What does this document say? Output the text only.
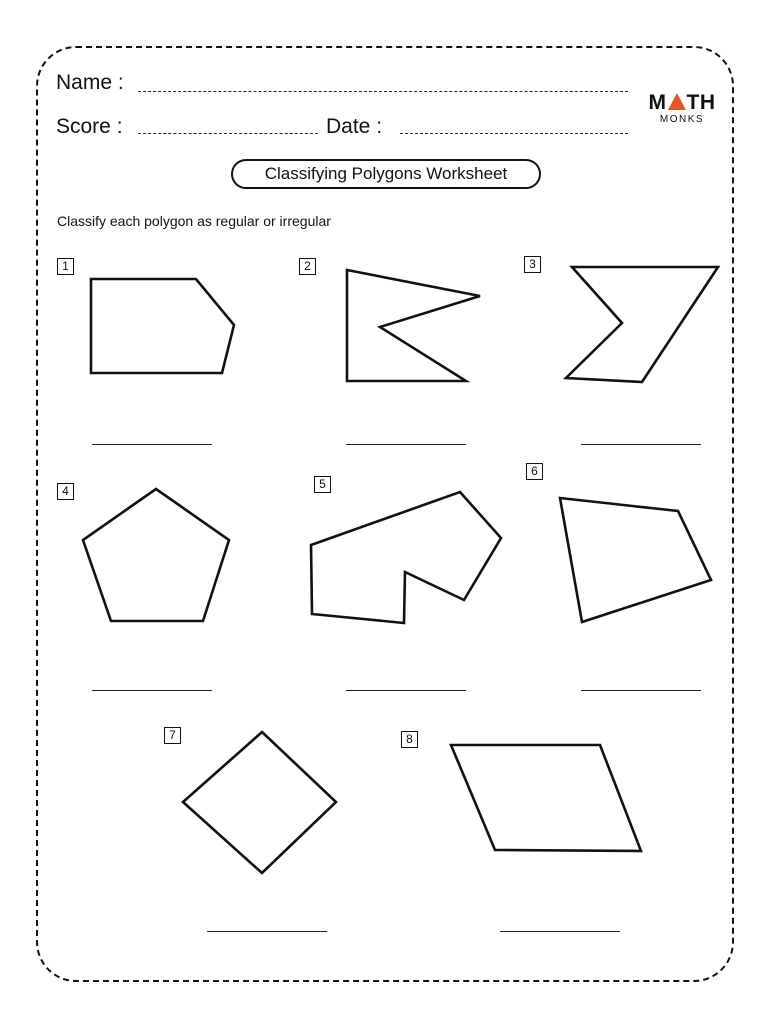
Name :
Score :	Date :
M TH
MONKS
Classifying Polygons Worksheet
Classify each polygon as regular or irregular
1	2	3
4	5
6
7	8
